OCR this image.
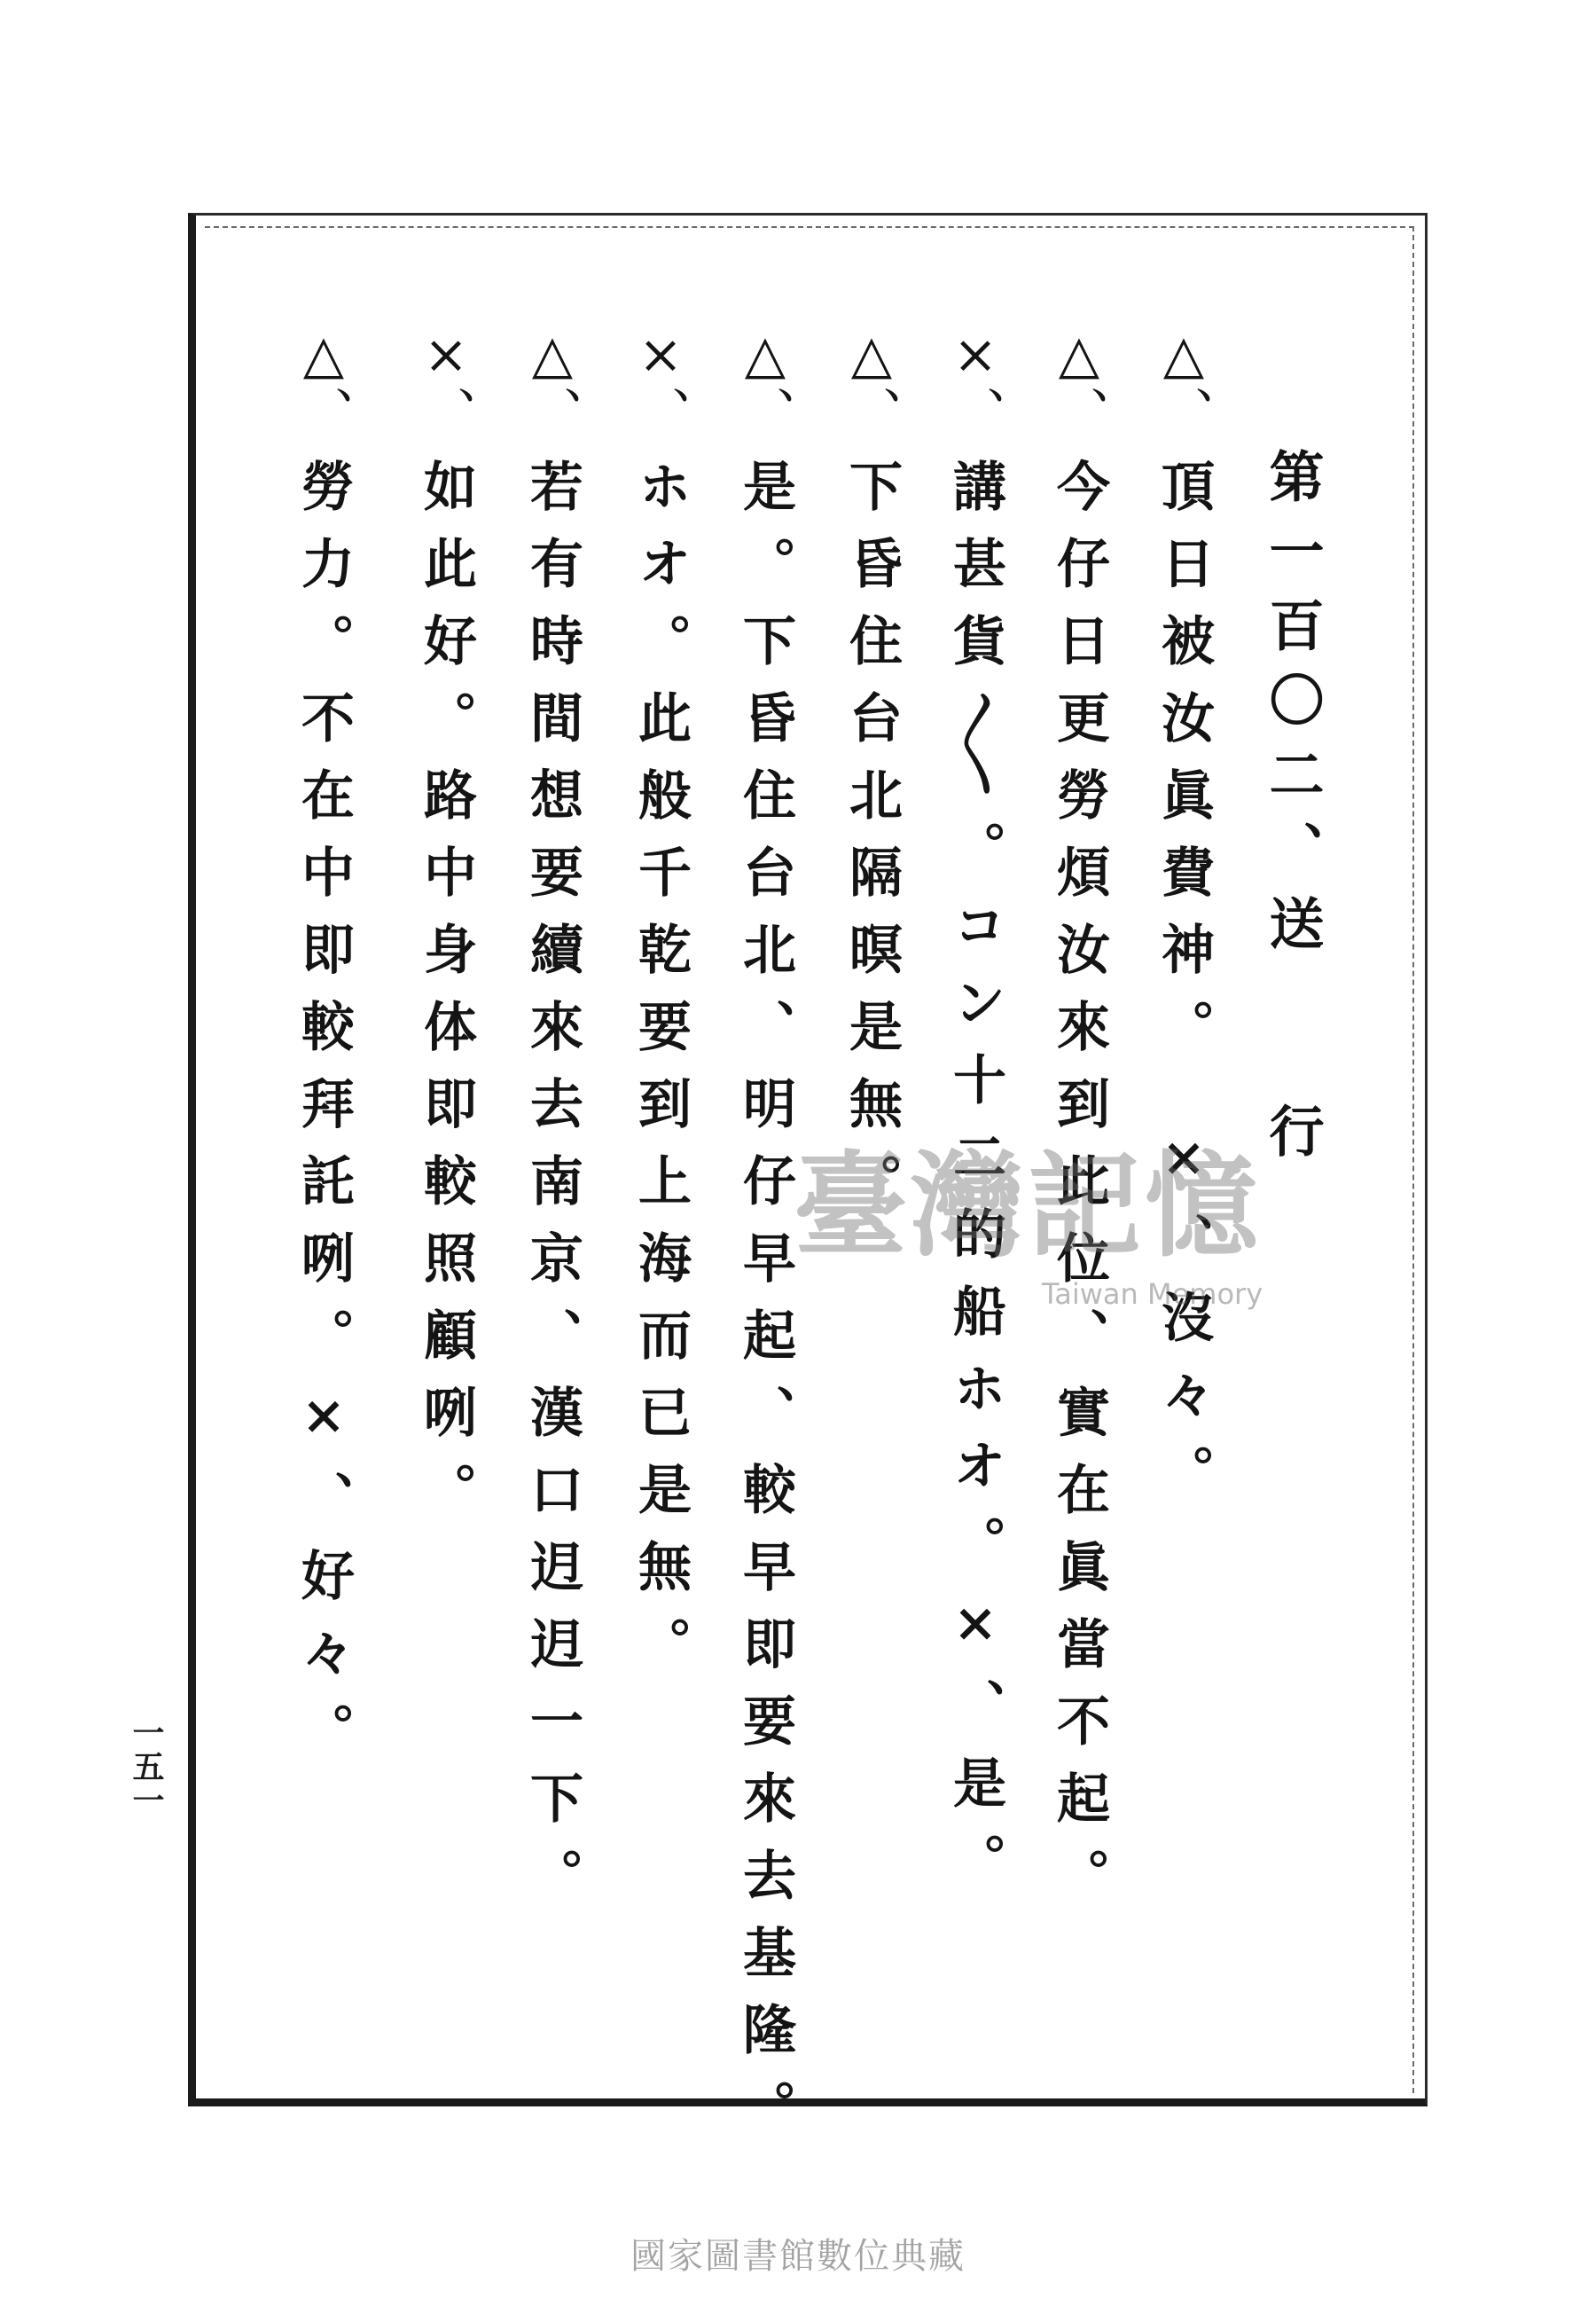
第一百〇二、送行
△、頂日被汝眞費神。　×、沒々。
△、今仔日更勞煩汝來到此位、實在眞當不起。
×、講甚貨〳〵。コン十二的船ホオ。×、是。
△、下昏住台北隔暝是無。
△、是。下昏住台北、明仔早起、較早即要來去基隆。
×、ホオ。此般千乾要到上海而已是無。
△、若有時間想要續來去南京、漢口迌迌一下。
×、如此好。路中身体即較照顧咧。
△、勞力。不在中即較拜託咧。×、好々。
一五一
臺灣記憶
Taiwan Memory
國家圖書館數位典藏
